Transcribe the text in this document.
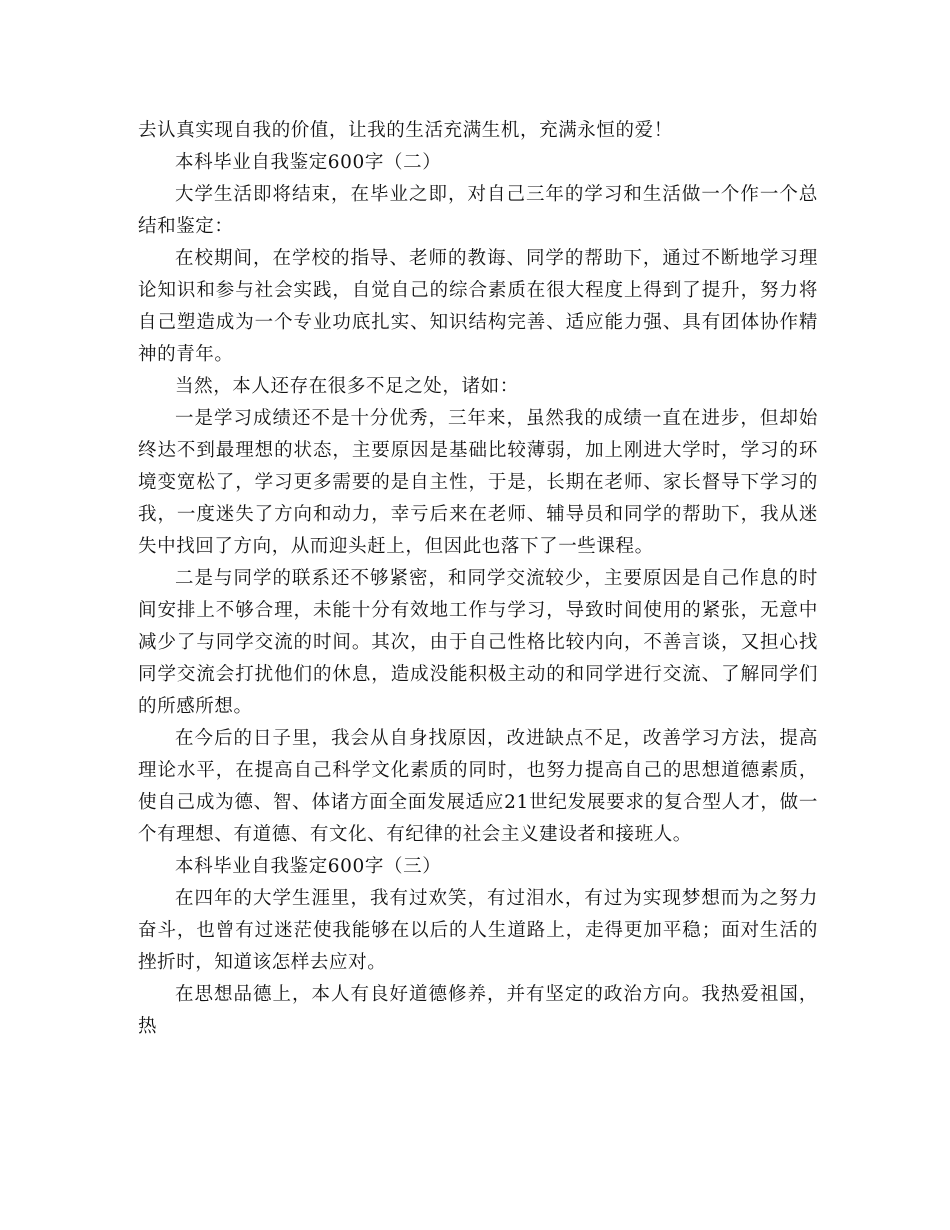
去认真实现自我的价值，让我的生活充满生机，充满永恒的爱！

本科毕业自我鉴定600字（二）

大学生活即将结束，在毕业之即，对自己三年的学习和生活做一个作一个总结和鉴定：

在校期间，在学校的指导、老师的教诲、同学的帮助下，通过不断地学习理论知识和参与社会实践，自觉自己的综合素质在很大程度上得到了提升，努力将自己塑造成为一个专业功底扎实、知识结构完善、适应能力强、具有团体协作精神的青年。

当然，本人还存在很多不足之处，诸如：

一是学习成绩还不是十分优秀，三年来，虽然我的成绩一直在进步，但却始终达不到最理想的状态，主要原因是基础比较薄弱，加上刚进大学时，学习的环境变宽松了，学习更多需要的是自主性，于是，长期在老师、家长督导下学习的我，一度迷失了方向和动力，幸亏后来在老师、辅导员和同学的帮助下，我从迷失中找回了方向，从而迎头赶上，但因此也落下了一些课程。

二是与同学的联系还不够紧密，和同学交流较少，主要原因是自己作息的时间安排上不够合理，未能十分有效地工作与学习，导致时间使用的紧张，无意中减少了与同学交流的时间。其次，由于自己性格比较内向，不善言谈，又担心找同学交流会打扰他们的休息，造成没能积极主动的和同学进行交流、了解同学们的所感所想。

在今后的日子里，我会从自身找原因，改进缺点不足，改善学习方法，提高理论水平，在提高自己科学文化素质的同时，也努力提高自己的思想道德素质，使自己成为德、智、体诸方面全面发展适应21世纪发展要求的复合型人才，做一个有理想、有道德、有文化、有纪律的社会主义建设者和接班人。

本科毕业自我鉴定600字（三）

在四年的大学生涯里，我有过欢笑，有过泪水，有过为实现梦想而为之努力奋斗，也曾有过迷茫使我能够在以后的人生道路上，走得更加平稳；面对生活的挫折时，知道该怎样去应对。

在思想品德上，本人有良好道德修养，并有坚定的政治方向。我热爱祖国，热
